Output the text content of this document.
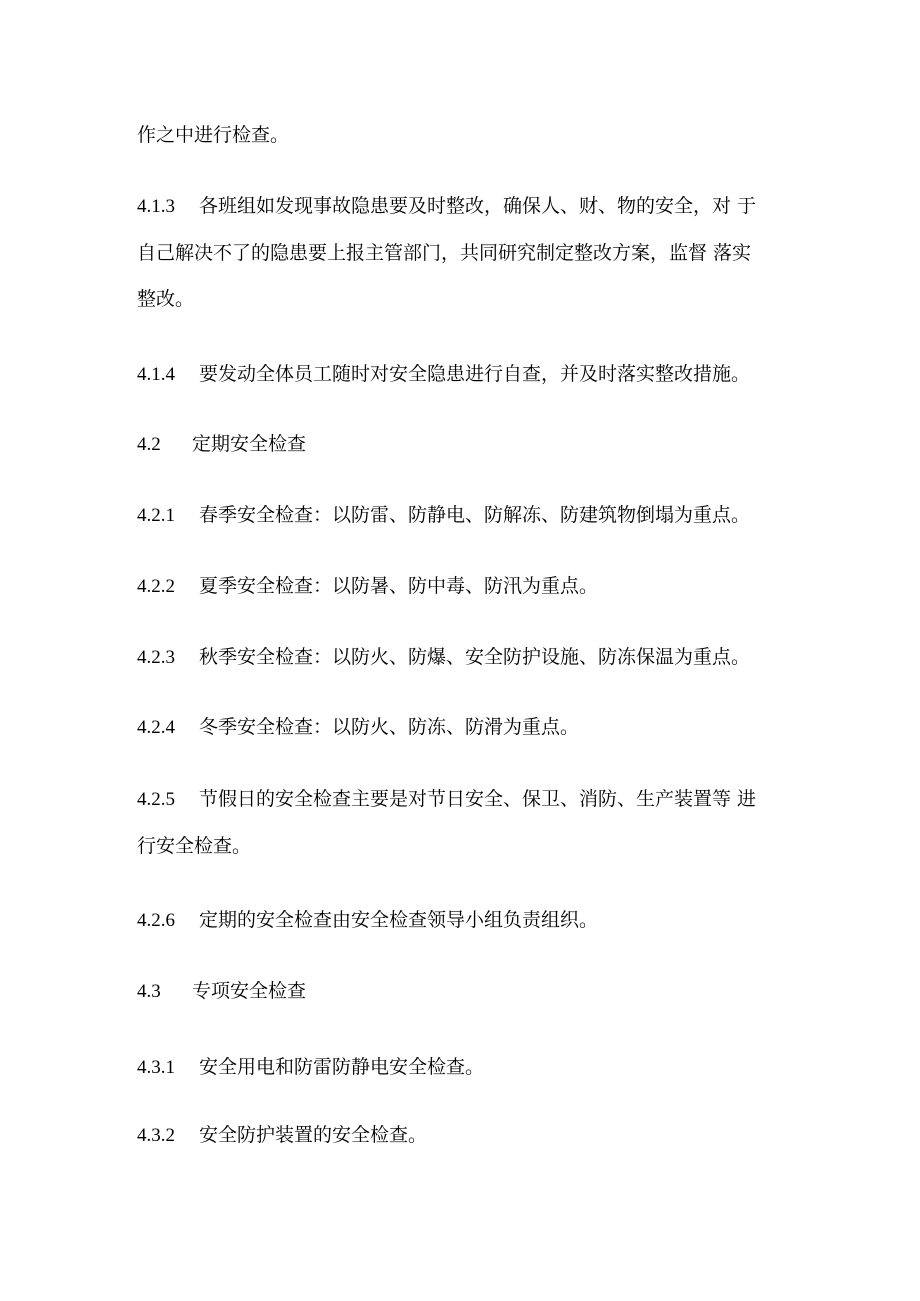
作之中进行检查。
4.1.3 各班组如发现事故隐患要及时整改，确保人、财、物的安全，对 于
自己解决不了的隐患要上报主管部门，共同研究制定整改方案，监督 落实
整改。
4.1.4 要发动全体员工随时对安全隐患进行自查，并及时落实整改措施。
4.2 定期安全检查
4.2.1 春季安全检查：以防雷、防静电、防解冻、防建筑物倒塌为重点。
4.2.2 夏季安全检查：以防暑、防中毒、防汛为重点。
4.2.3 秋季安全检查：以防火、防爆、安全防护设施、防冻保温为重点。
4.2.4 冬季安全检查：以防火、防冻、防滑为重点。
4.2.5 节假日的安全检查主要是对节日安全、保卫、消防、生产装置等 进
行安全检查。
4.2.6 定期的安全检查由安全检查领导小组负责组织。
4.3 专项安全检查
4.3.1 安全用电和防雷防静电安全检查。
4.3.2 安全防护装置的安全检查。
